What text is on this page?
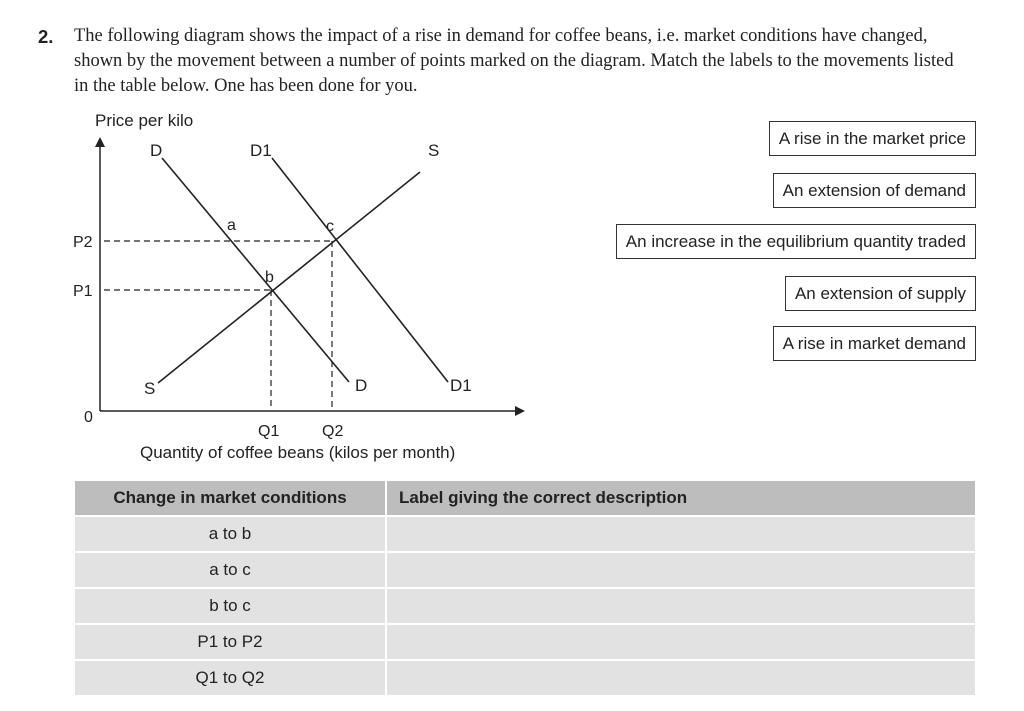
2. The following diagram shows the impact of a rise in demand for coffee beans, i.e. market conditions have changed, shown by the movement between a number of points marked on the diagram. Match the labels to the movements listed in the table below. One has been done for you.
Price per kilo
0
D	D1	S
S	D	D1
a
b
c
P2
P1
Q1	Q2
Quantity of coffee beans (kilos per month)
A rise in the market price
An extension of demand
An increase in the equilibrium quantity traded
An extension of supply
A rise in market demand
Change in market conditions	Label giving the correct description
a to b	
a to c	
b to c	
P1 to P2	
Q1 to Q2	
